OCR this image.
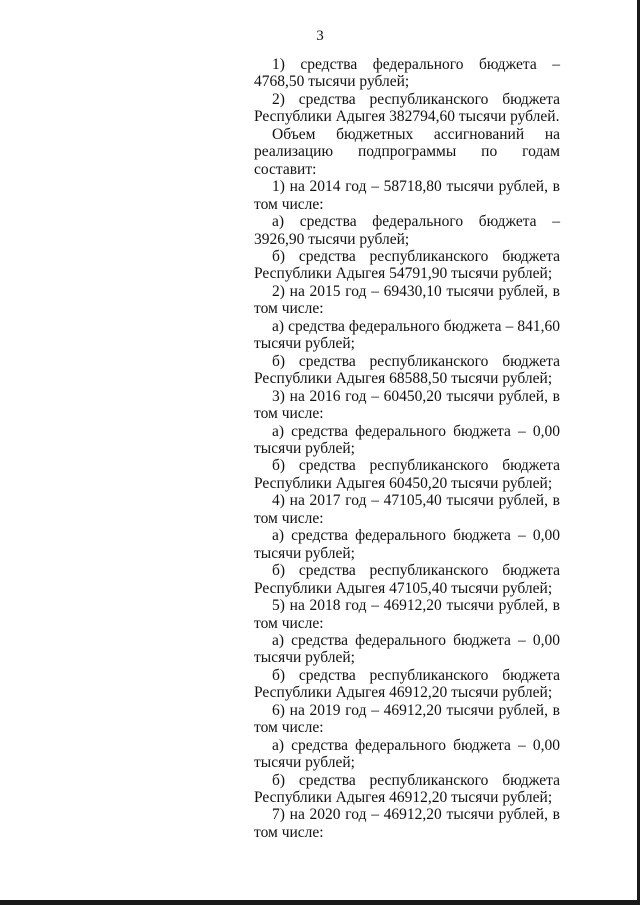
3

1) средства федерального бюджета – 4768,50 тысячи рублей;

2) средства республиканского бюджета Республики Адыгея 382794,60 тысячи рублей.

Объем бюджетных ассигнований на реализацию подпрограммы по годам составит:

1) на 2014 год – 58718,80 тысячи рублей, в том числе:

а) средства федерального бюджета – 3926,90 тысячи рублей;

б) средства республиканского бюджета Республики Адыгея 54791,90 тысячи рублей;

2) на 2015 год – 69430,10 тысячи рублей, в том числе:

а) средства федерального бюджета – 841,60 тысячи рублей;

б) средства республиканского бюджета Республики Адыгея 68588,50 тысячи рублей;

3) на 2016 год – 60450,20 тысячи рублей, в том числе:

а) средства федерального бюджета – 0,00 тысячи рублей;

б) средства республиканского бюджета Республики Адыгея 60450,20 тысячи рублей;

4) на 2017 год – 47105,40 тысячи рублей, в том числе:

а) средства федерального бюджета – 0,00 тысячи рублей;

б) средства республиканского бюджета Республики Адыгея 47105,40 тысячи рублей;

5) на 2018 год – 46912,20 тысячи рублей, в том числе:

а) средства федерального бюджета – 0,00 тысячи рублей;

б) средства республиканского бюджета Республики Адыгея 46912,20 тысячи рублей;

6) на 2019 год – 46912,20 тысячи рублей, в том числе:

а) средства федерального бюджета – 0,00 тысячи рублей;

б) средства республиканского бюджета Республики Адыгея 46912,20 тысячи рублей;

7) на 2020 год – 46912,20 тысячи рублей, в том числе:
